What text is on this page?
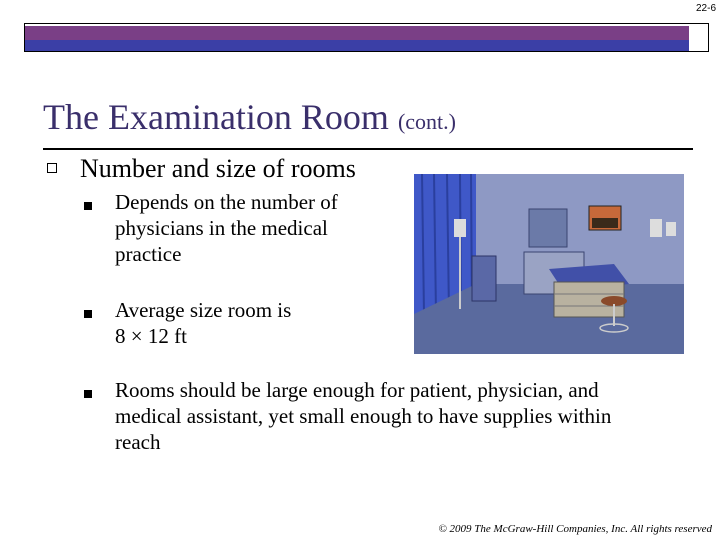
22-6
The Examination Room (cont.)
Number and size of rooms
Depends on the number of
physicians in the medical
practice
Average size room is
8 × 12 ft
Rooms should be large enough for patient, physician, and
medical assistant, yet small enough to have supplies within
reach
© 2009 The McGraw-Hill Companies, Inc. All rights reserved
